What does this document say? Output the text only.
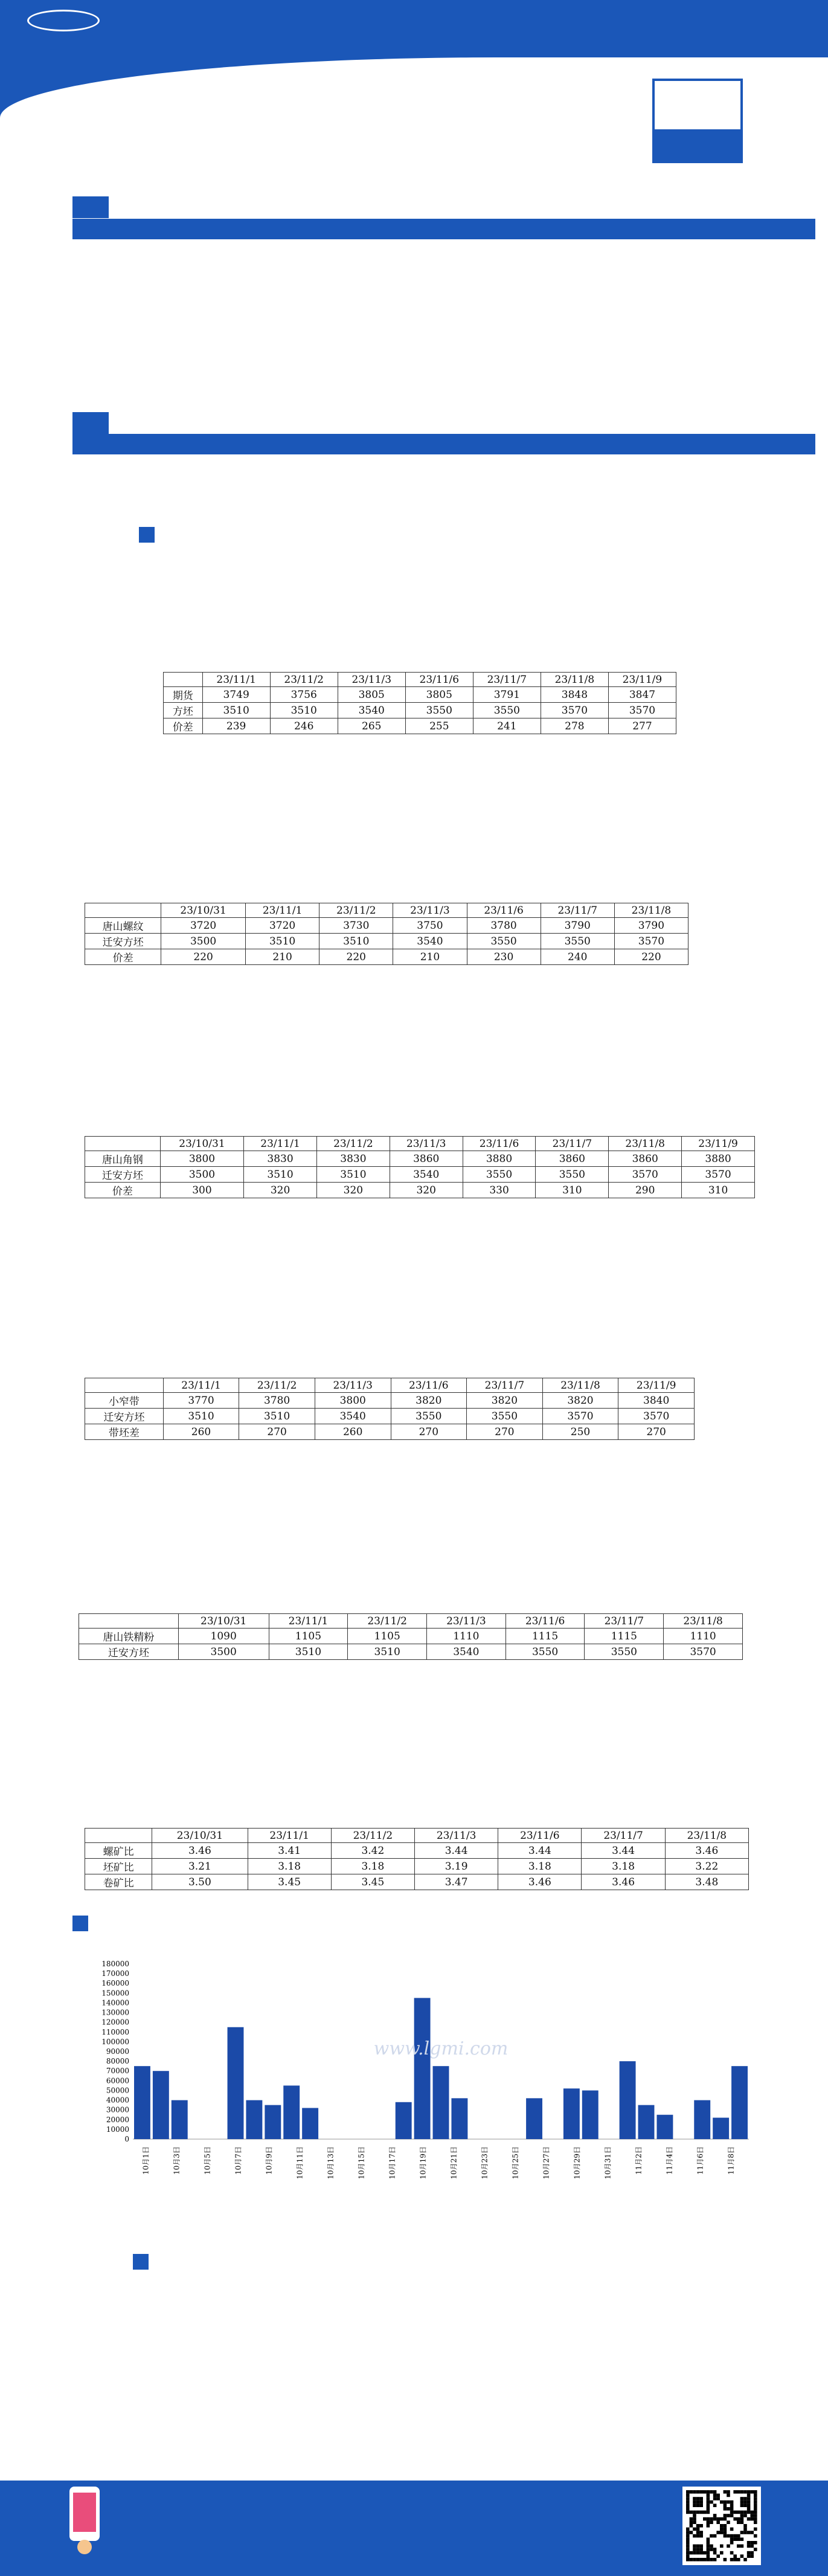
	23/11/1	23/11/2	23/11/3	23/11/6	23/11/7	23/11/8	23/11/9
期货	3749	3756	3805	3805	3791	3848	3847
方坯	3510	3510	3540	3550	3550	3570	3570
价差	239	246	265	255	241	278	277
	23/10/31	23/11/1	23/11/2	23/11/3	23/11/6	23/11/7	23/11/8
唐山螺纹	3720	3720	3730	3750	3780	3790	3790
迁安方坯	3500	3510	3510	3540	3550	3550	3570
价差	220	210	220	210	230	240	220
	23/10/31	23/11/1	23/11/2	23/11/3	23/11/6	23/11/7	23/11/8	23/11/9
唐山角钢	3800	3830	3830	3860	3880	3860	3860	3880
迁安方坯	3500	3510	3510	3540	3550	3550	3570	3570
价差	300	320	320	320	330	310	290	310
	23/11/1	23/11/2	23/11/3	23/11/6	23/11/7	23/11/8	23/11/9
小窄带	3770	3780	3800	3820	3820	3820	3840
迁安方坯	3510	3510	3540	3550	3550	3570	3570
带坯差	260	270	260	270	270	250	270
	23/10/31	23/11/1	23/11/2	23/11/3	23/11/6	23/11/7	23/11/8
唐山铁精粉	1090	1105	1105	1110	1115	1115	1110
迁安方坯	3500	3510	3510	3540	3550	3550	3570
	23/10/31	23/11/1	23/11/2	23/11/3	23/11/6	23/11/7	23/11/8
螺矿比	3.46	3.41	3.42	3.44	3.44	3.44	3.46
坯矿比	3.21	3.18	3.18	3.19	3.18	3.18	3.22
卷矿比	3.50	3.45	3.45	3.47	3.46	3.46	3.48
180000
170000
160000
150000
140000
130000
120000
110000
100000
90000
80000
70000
60000
50000
40000
30000
20000
10000
0
10月1日	10月3日	10月5日	10月7日	10月9日	10月11日	10月13日	10月15日	10月17日	10月19日	10月21日	10月23日	10月25日	10月27日	10月29日	10月31日	11月2日	11月4日	11月6日	11月8日
www.lgmi.com
